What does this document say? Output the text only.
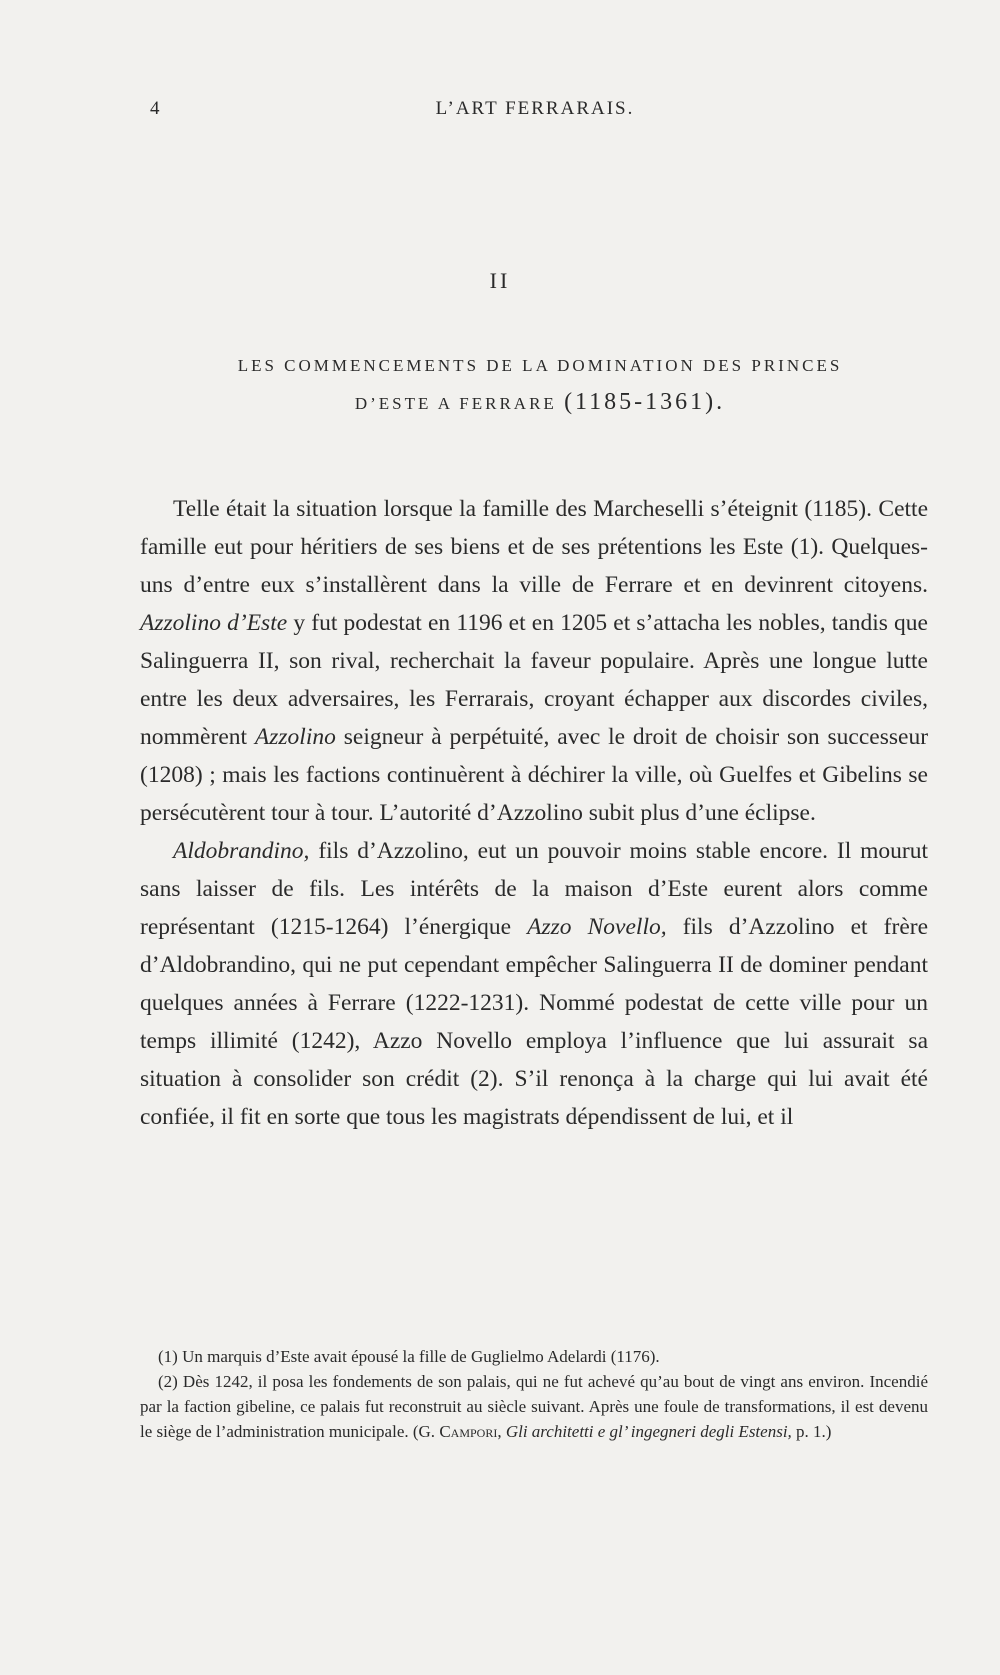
4	L’ART FERRARAIS.
II
LES COMMENCEMENTS DE LA DOMINATION DES PRINCES
D’ESTE A FERRARE (1185-1361).

Telle était la situation lorsque la famille des Marcheselli s’éteignit (1185). Cette famille eut pour héritiers de ses biens et de ses prétentions les Este (1). Quelques-uns d’entre eux s’installèrent dans la ville de Ferrare et en devinrent citoyens. Azzolino d’Este y fut podestat en 1196 et en 1205 et s’attacha les nobles, tandis que Salinguerra II, son rival, recherchait la faveur populaire. Après une longue lutte entre les deux adversaires, les Ferrarais, croyant échapper aux discordes civiles, nommèrent Azzolino seigneur à perpétuité, avec le droit de choisir son successeur (1208) ; mais les factions continuèrent à déchirer la ville, où Guelfes et Gibelins se persécutèrent tour à tour. L’autorité d’Azzolino subit plus d’une éclipse.

Aldobrandino, fils d’Azzolino, eut un pouvoir moins stable encore. Il mourut sans laisser de fils. Les intérêts de la maison d’Este eurent alors comme représentant (1215-1264) l’énergique Azzo Novello, fils d’Azzolino et frère d’Aldobrandino, qui ne put cependant empêcher Salinguerra II de dominer pendant quelques années à Ferrare (1222-1231). Nommé podestat de cette ville pour un temps illimité (1242), Azzo Novello employa l’influence que lui assurait sa situation à consolider son crédit (2). S’il renonça à la charge qui lui avait été confiée, il fit en sorte que tous les magistrats dépendissent de lui, et il

(1) Un marquis d’Este avait épousé la fille de Guglielmo Adelardi (1176).

(2) Dès 1242, il posa les fondements de son palais, qui ne fut achevé qu’au bout de vingt ans environ. Incendié par la faction gibeline, ce palais fut reconstruit au siècle suivant. Après une foule de transformations, il est devenu le siège de l’administration municipale. (G. Campori, Gli architetti e gl’ ingegneri degli Estensi, p. 1.)
